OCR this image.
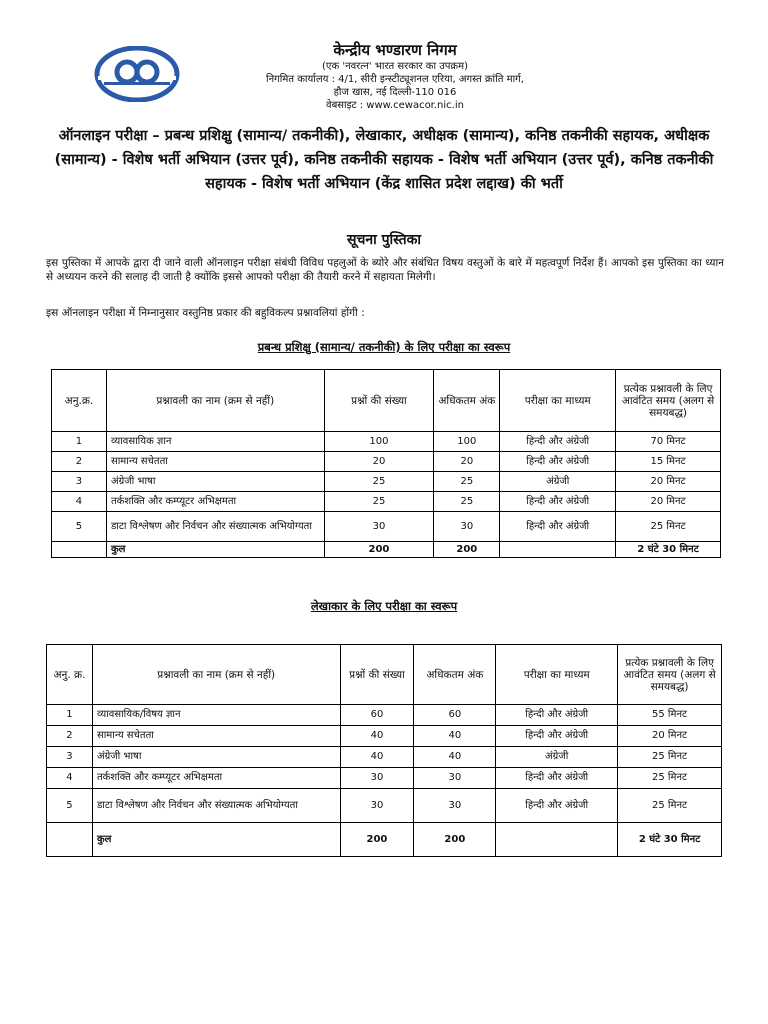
केन्द्रीय भण्डारण निगम
(एक 'नवरत्न' भारत सरकार का उपक्रम)
निगमित कार्यालय : 4/1, सीरी इन्स्टीट्यूशनल एरिया, अगस्त क्रांति मार्ग,
हौज खास, नई दिल्ली-110 016
वेबसाइट : www.cewacor.nic.in
ऑनलाइन परीक्षा – प्रबन्ध प्रशिक्षु (सामान्य/ तकनीकी), लेखाकार, अधीक्षक (सामान्य), कनिष्ठ तकनीकी सहायक, अधीक्षक (सामान्य) - विशेष भर्ती अभियान (उत्तर पूर्व), कनिष्ठ तकनीकी सहायक - विशेष भर्ती अभियान (उत्तर पूर्व), कनिष्ठ तकनीकी सहायक - विशेष भर्ती अभियान (केंद्र शासित प्रदेश लद्दाख) की भर्ती
सूचना पुस्तिका
इस पुस्तिका में आपके द्वारा दी जाने वाली ऑनलाइन परीक्षा संबंधी विविध पहलुओं के ब्योरे और संबंधित विषय वस्तुओं के बारे में महत्वपूर्ण निर्देश हैं। आपको इस पुस्तिका का ध्यान से अध्ययन करने की सलाह दी जाती है क्योंकि इससे आपको परीक्षा की तैयारी करने में सहायता मिलेगी।
इस ऑनलाइन परीक्षा में निम्नानुसार वस्तुनिष्ठ प्रकार की बहुविकल्प प्रश्नावलियां होंगी :
प्रबन्ध प्रशिक्षु (सामान्य/ तकनीकी) के लिए परीक्षा का स्वरूप
अनु.क्र.	प्रश्नावली का नाम (क्रम से नहीं)	प्रश्नों की संख्या	अधिकतम अंक	परीक्षा का माध्यम	प्रत्येक प्रश्नावली के लिए आवंटित समय (अलग से समयबद्ध)
1	व्यावसायिक ज्ञान	100	100	हिन्दी और अंग्रेजी	70 मिनट
2	सामान्य सचेतता	20	20	हिन्दी और अंग्रेजी	15 मिनट
3	अंग्रेजी भाषा	25	25	अंग्रेजी	20 मिनट
4	तर्कशक्ति और कम्प्यूटर अभिक्षमता	25	25	हिन्दी और अंग्रेजी	20 मिनट
5	डाटा विश्लेषण और निर्वचन और संख्यात्मक अभियोग्यता	30	30	हिन्दी और अंग्रेजी	25 मिनट
	कुल	200	200		2 घंटे 30 मिनट
लेखाकार के लिए परीक्षा का स्वरूप
अनु. क्र.	प्रश्नावली का नाम (क्रम से नहीं)	प्रश्नों की संख्या	अधिकतम अंक	परीक्षा का माध्यम	प्रत्येक प्रश्नावली के लिए आवंटित समय (अलग से समयबद्ध)
1	व्यावसायिक/विषय ज्ञान	60	60	हिन्दी और अंग्रेजी	55 मिनट
2	सामान्य सचेतता	40	40	हिन्दी और अंग्रेजी	20 मिनट
3	अंग्रेजी भाषा	40	40	अंग्रेजी	25 मिनट
4	तर्कशक्ति और कम्प्यूटर अभिक्षमता	30	30	हिन्दी और अंग्रेजी	25 मिनट
5	डाटा विश्लेषण और निर्वचन और संख्यात्मक अभियोग्यता	30	30	हिन्दी और अंग्रेजी	25 मिनट
	कुल	200	200		2 घंटे 30 मिनट
